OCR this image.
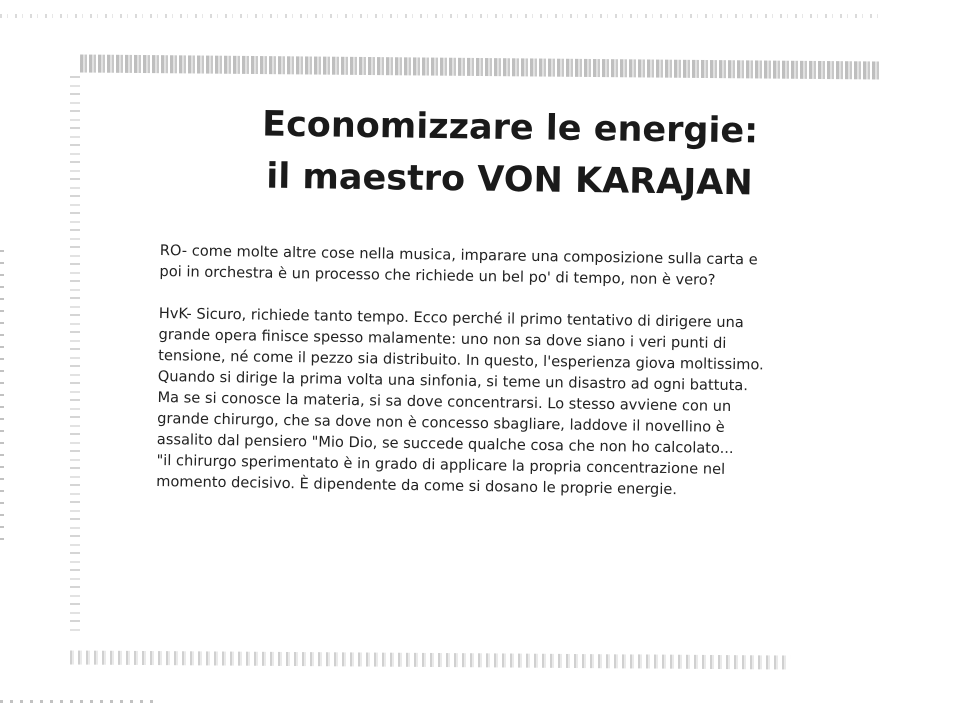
Economizzare le energie:
il maestro VON KARAJAN
RO- come molte altre cose nella musica, imparare una composizione sulla carta e
poi in orchestra è un processo che richiede un bel po' di tempo, non è vero?
HvK- Sicuro, richiede tanto tempo. Ecco perché il primo tentativo di dirigere una
grande opera finisce spesso malamente: uno non sa dove siano i veri punti di
tensione, né come il pezzo sia distribuito. In questo, l'esperienza giova moltissimo.
Quando si dirige la prima volta una sinfonia, si teme un disastro ad ogni battuta.
Ma se si conosce la materia, si sa dove concentrarsi. Lo stesso avviene con un
grande chirurgo, che sa dove non è concesso sbagliare, laddove il novellino è
assalito dal pensiero "Mio Dio, se succede qualche cosa che non ho calcolato...
"il chirurgo sperimentato è in grado di applicare la propria concentrazione nel
momento decisivo. È dipendente da come si dosano le proprie energie.
